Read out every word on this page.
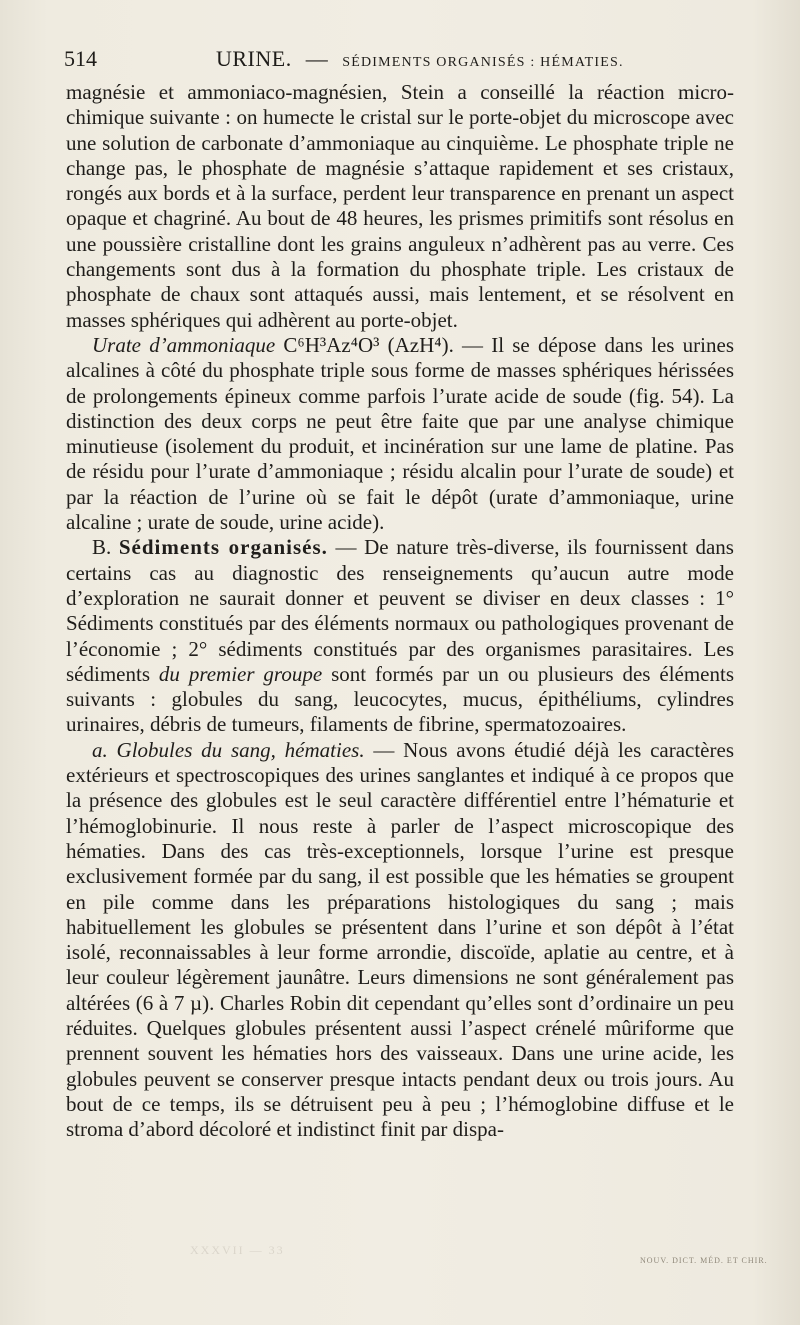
514	URINE. — SÉDIMENTS ORGANISÉS : HÉMATIES.

magnésie et ammoniaco-magnésien, Stein a conseillé la réaction micro-chimique suivante : on humecte le cristal sur le porte-objet du microscope avec une solution de carbonate d’ammoniaque au cinquième. Le phosphate triple ne change pas, le phosphate de magnésie s’attaque rapidement et ses cristaux, rongés aux bords et à la surface, perdent leur transparence en prenant un aspect opaque et chagriné. Au bout de 48 heures, les prismes primitifs sont résolus en une poussière cristalline dont les grains anguleux n’adhèrent pas au verre. Ces changements sont dus à la formation du phosphate triple. Les cristaux de phosphate de chaux sont attaqués aussi, mais lentement, et se résolvent en masses sphériques qui adhèrent au porte-objet.

Urate d’ammoniaque C⁶H³Az⁴O³ (AzH⁴). — Il se dépose dans les urines alcalines à côté du phosphate triple sous forme de masses sphériques hérissées de prolongements épineux comme parfois l’urate acide de soude (fig. 54). La distinction des deux corps ne peut être faite que par une analyse chimique minutieuse (isolement du produit, et incinération sur une lame de platine. Pas de résidu pour l’urate d’ammoniaque ; résidu alcalin pour l’urate de soude) et par la réaction de l’urine où se fait le dépôt (urate d’ammoniaque, urine alcaline ; urate de soude, urine acide).

B. Sédiments organisés. — De nature très-diverse, ils fournissent dans certains cas au diagnostic des renseignements qu’aucun autre mode d’exploration ne saurait donner et peuvent se diviser en deux classes : 1° Sédiments constitués par des éléments normaux ou pathologiques provenant de l’économie ; 2° sédiments constitués par des organismes parasitaires. Les sédiments du premier groupe sont formés par un ou plusieurs des éléments suivants : globules du sang, leucocytes, mucus, épithéliums, cylindres urinaires, débris de tumeurs, filaments de fibrine, spermatozoaires.

a. Globules du sang, hématies. — Nous avons étudié déjà les caractères extérieurs et spectroscopiques des urines sanglantes et indiqué à ce propos que la présence des globules est le seul caractère différentiel entre l’hématurie et l’hémoglobinurie. Il nous reste à parler de l’aspect microscopique des hématies. Dans des cas très-exceptionnels, lorsque l’urine est presque exclusivement formée par du sang, il est possible que les hématies se groupent en pile comme dans les préparations histologiques du sang ; mais habituellement les globules se présentent dans l’urine et son dépôt à l’état isolé, reconnaissables à leur forme arrondie, discoïde, aplatie au centre, et à leur couleur légèrement jaunâtre. Leurs dimensions ne sont généralement pas altérées (6 à 7 µ). Charles Robin dit cependant qu’elles sont d’ordinaire un peu réduites. Quelques globules présentent aussi l’aspect crénelé mûriforme que prennent souvent les hématies hors des vaisseaux. Dans une urine acide, les globules peuvent se conserver presque intacts pendant deux ou trois jours. Au bout de ce temps, ils se détruisent peu à peu ; l’hémoglobine diffuse et le stroma d’abord décoloré et indistinct finit par dispa-

XXXVII — 33
NOUV. DICT. MÉD. ET CHIR.
